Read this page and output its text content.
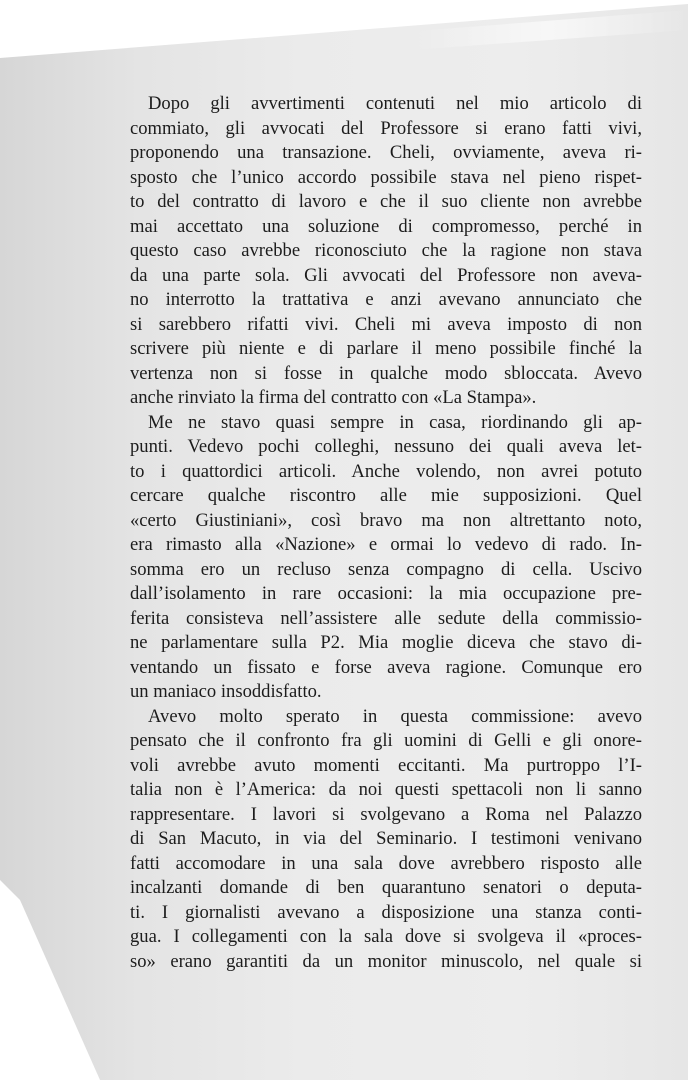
Dopo gli avvertimenti contenuti nel mio articolo di
commiato, gli avvocati del Professore si erano fatti vivi,
proponendo una transazione. Cheli, ovviamente, aveva ri-
sposto che l’unico accordo possibile stava nel pieno rispet-
to del contratto di lavoro e che il suo cliente non avrebbe
mai accettato una soluzione di compromesso, perché in
questo caso avrebbe riconosciuto che la ragione non stava
da una parte sola. Gli avvocati del Professore non aveva-
no interrotto la trattativa e anzi avevano annunciato che
si sarebbero rifatti vivi. Cheli mi aveva imposto di non
scrivere più niente e di parlare il meno possibile finché la
vertenza non si fosse in qualche modo sbloccata. Avevo
anche rinviato la firma del contratto con «La Stampa».
Me ne stavo quasi sempre in casa, riordinando gli ap-
punti. Vedevo pochi colleghi, nessuno dei quali aveva let-
to i quattordici articoli. Anche volendo, non avrei potuto
cercare qualche riscontro alle mie supposizioni. Quel
«certo Giustiniani», così bravo ma non altrettanto noto,
era rimasto alla «Nazione» e ormai lo vedevo di rado. In-
somma ero un recluso senza compagno di cella. Uscivo
dall’isolamento in rare occasioni: la mia occupazione pre-
ferita consisteva nell’assistere alle sedute della commissio-
ne parlamentare sulla P2. Mia moglie diceva che stavo di-
ventando un fissato e forse aveva ragione. Comunque ero
un maniaco insoddisfatto.
Avevo molto sperato in questa commissione: avevo
pensato che il confronto fra gli uomini di Gelli e gli onore-
voli avrebbe avuto momenti eccitanti. Ma purtroppo l’I-
talia non è l’America: da noi questi spettacoli non li sanno
rappresentare. I lavori si svolgevano a Roma nel Palazzo
di San Macuto, in via del Seminario. I testimoni venivano
fatti accomodare in una sala dove avrebbero risposto alle
incalzanti domande di ben quarantuno senatori o deputa-
ti. I giornalisti avevano a disposizione una stanza conti-
gua. I collegamenti con la sala dove si svolgeva il «proces-
so» erano garantiti da un monitor minuscolo, nel quale si
